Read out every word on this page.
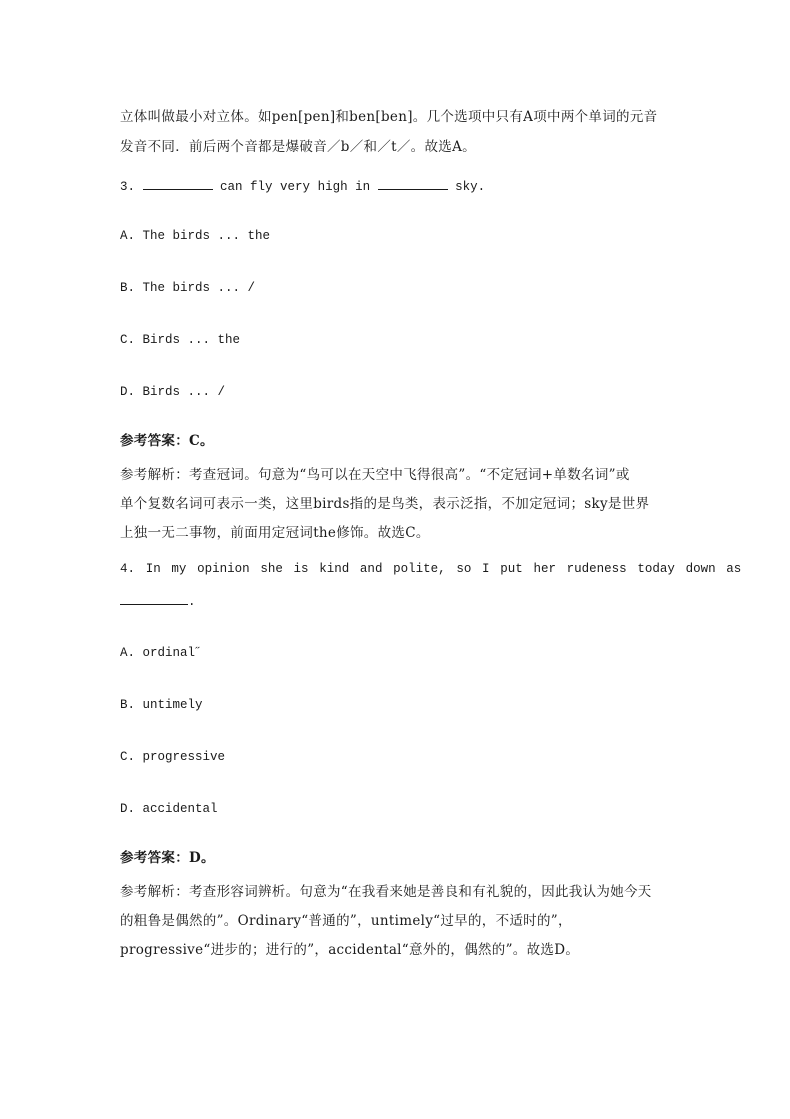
立体叫做最小对立体。如pen[pen]和ben[ben]。几个选项中只有A项中两个单词的元音
发音不同．前后两个音都是爆破音／b／和／t／。故选A。
3.	can fly very high in	sky.
A. The birds ... the
B. The birds ... /
C. Birds ... the
D. Birds ... /
参考答案：C。
参考解析：考查冠词。句意为“鸟可以在天空中飞得很高”。“不定冠词+单数名词”或
单个复数名词可表示一类，这里birds指的是鸟类，表示泛指，不加定冠词；sky是世界
上独一无二事物，前面用定冠词the修饰。故选C。
4. In my opinion she is kind and polite, so I put her rudeness today down as
.
A. ordinal˝
B. untimely
C. progressive
D. accidental
参考答案：D。
参考解析：考查形容词辨析。句意为“在我看来她是善良和有礼貌的，因此我认为她今天
的粗鲁是偶然的”。Ordinary“普通的”，untimely“过早的，不适时的”，
progressive“进步的；进行的”，accidental“意外的，偶然的”。故选D。
